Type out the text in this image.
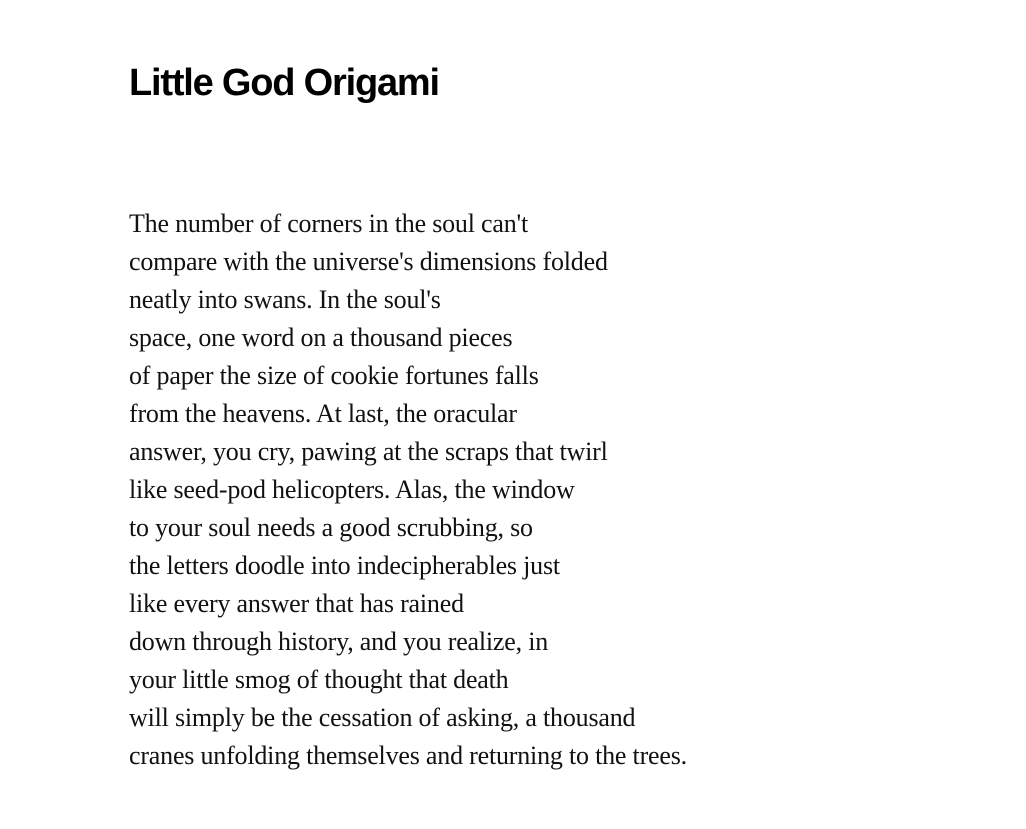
Little God Origami
The number of corners in the soul can't
compare with the universe's dimensions folded
neatly into swans. In the soul's
space, one word on a thousand pieces
of paper the size of cookie fortunes falls
from the heavens. At last, the oracular
answer, you cry, pawing at the scraps that twirl
like seed-pod helicopters. Alas, the window
to your soul needs a good scrubbing, so
the letters doodle into indecipherables just
like every answer that has rained
down through history, and you realize, in
your little smog of thought that death
will simply be the cessation of asking, a thousand
cranes unfolding themselves and returning to the trees.
